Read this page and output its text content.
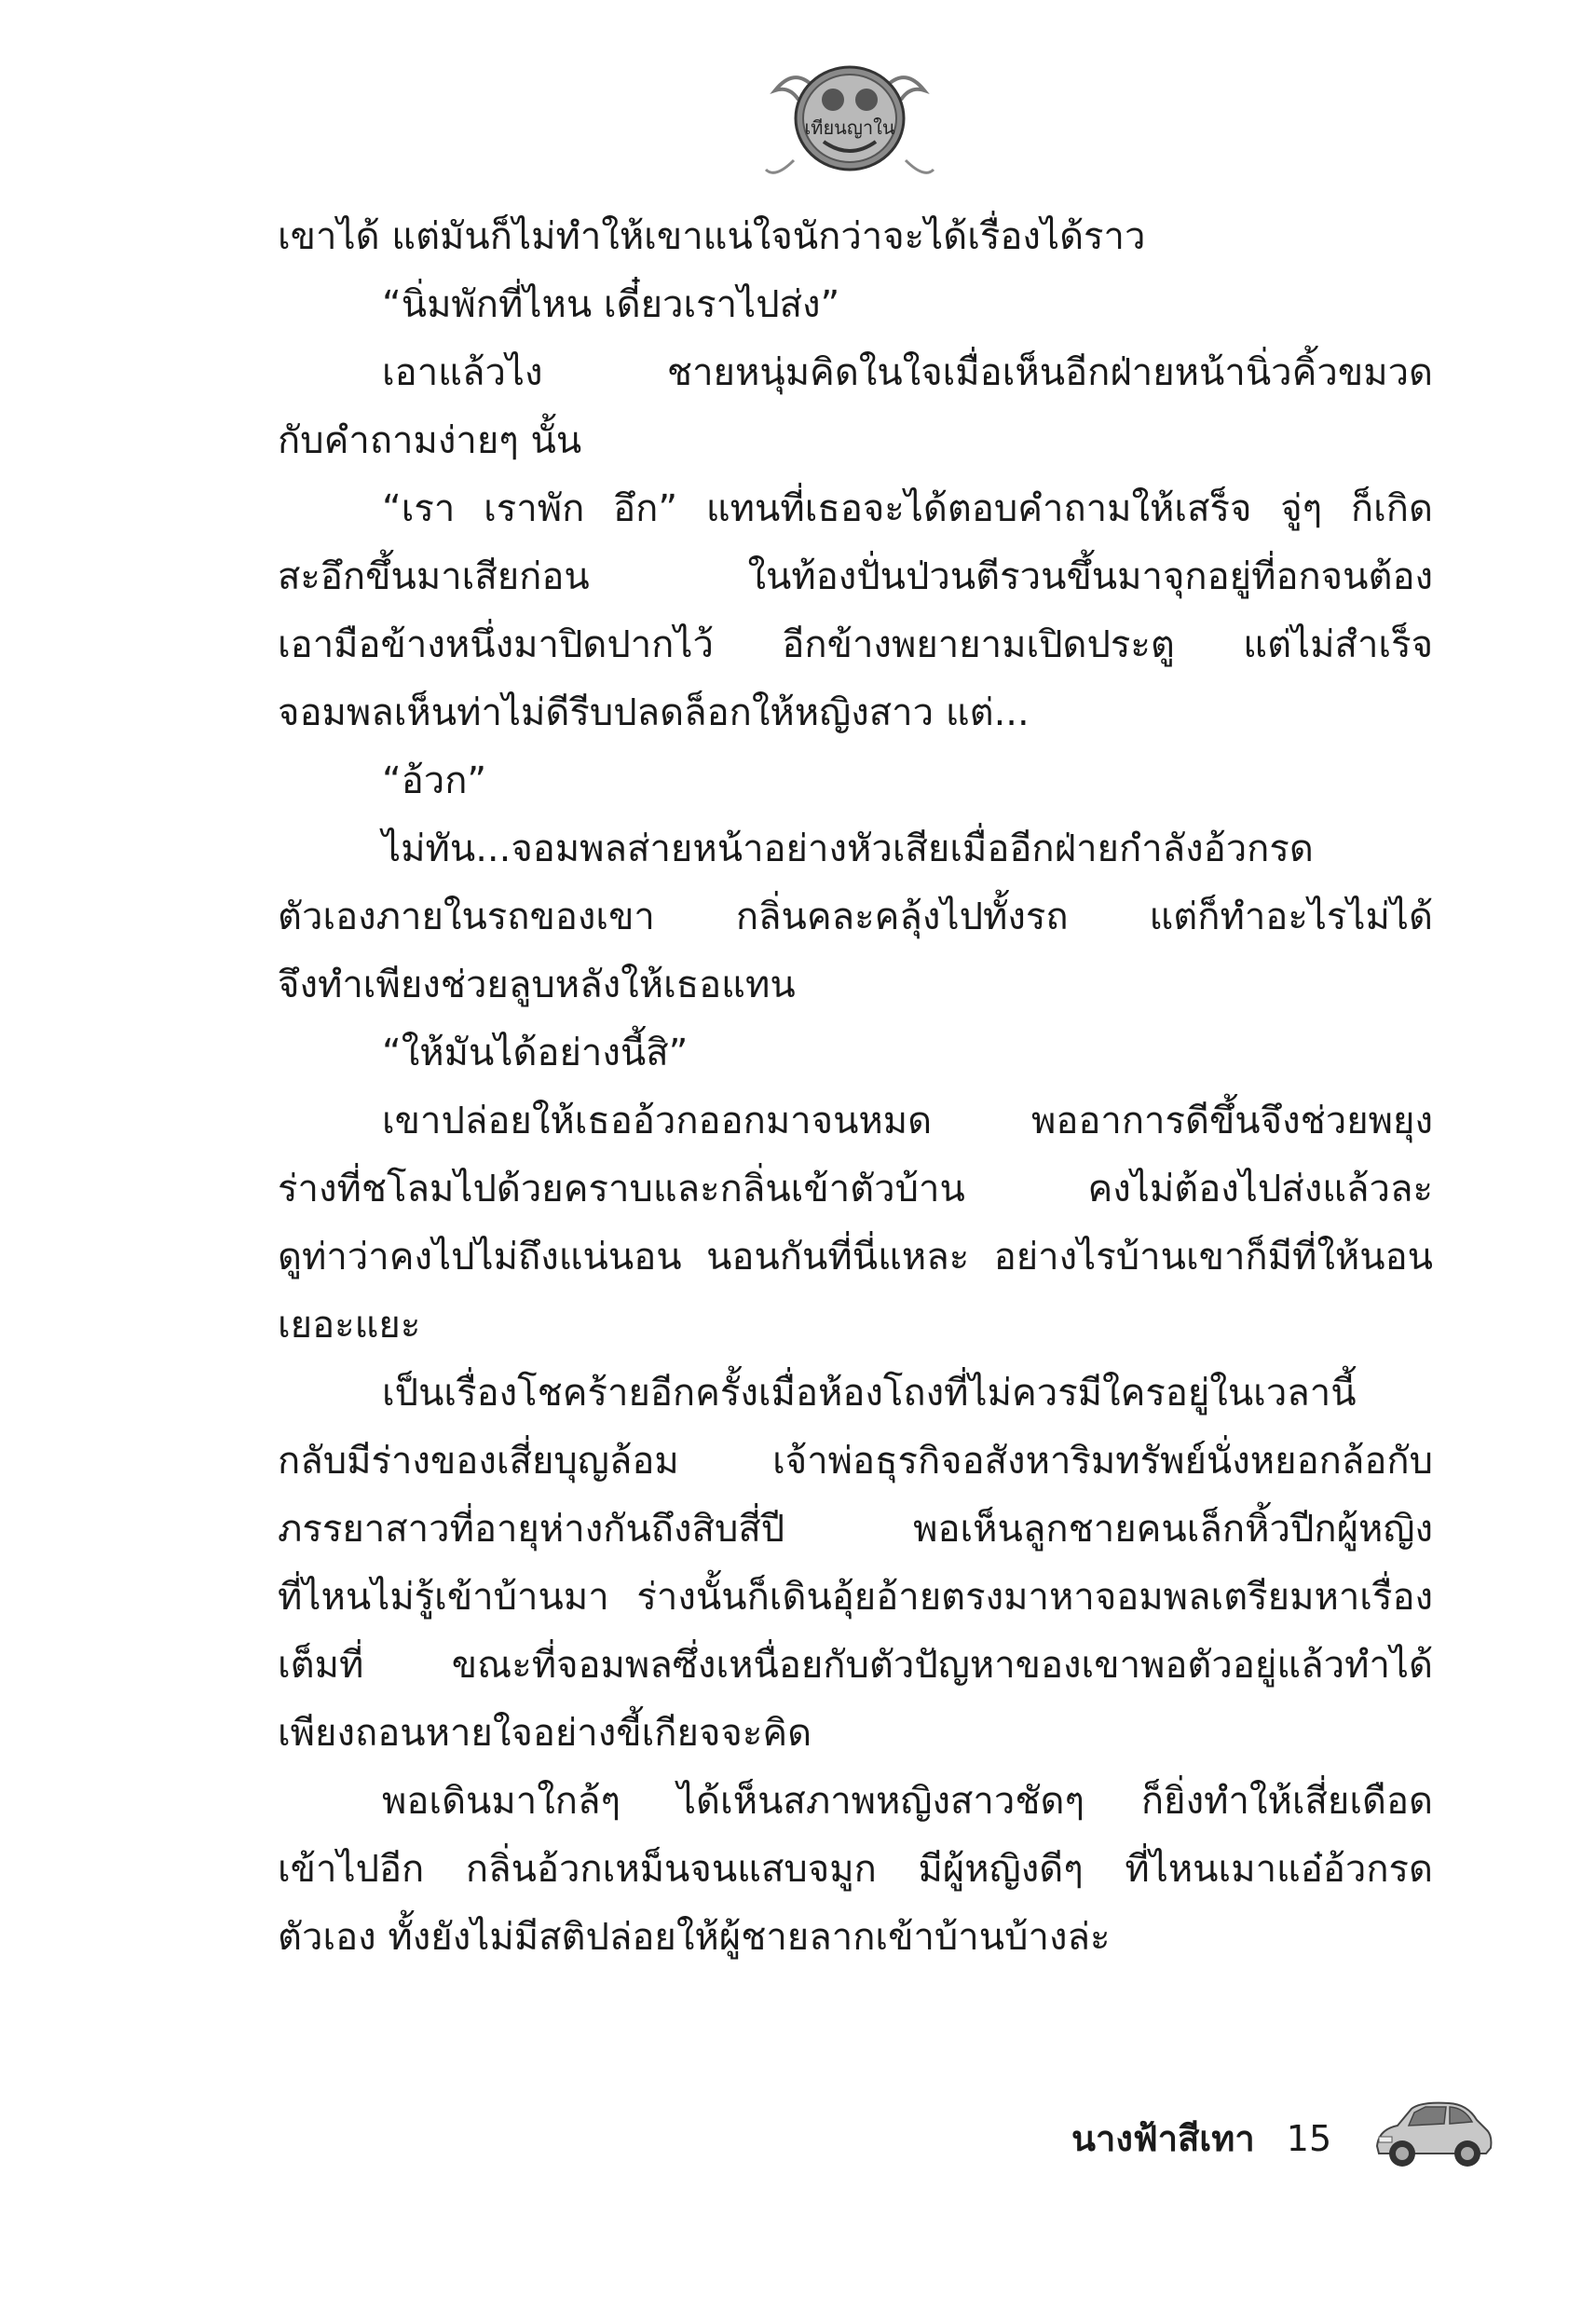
เทียนญาใน
เขาได้ แต่มันก็ไม่ทำให้เขาแน่ใจนักว่าจะได้เรื่องได้ราว
“นิ่มพักที่ไหน เดี๋ยวเราไปส่ง”
เอาแล้วไง ชายหนุ่มคิดในใจเมื่อเห็นอีกฝ่ายหน้านิ่วคิ้วขมวด
กับคำถามง่ายๆ นั้น
“เรา เราพัก อึก” แทนที่เธอจะได้ตอบคำถามให้เสร็จ จู่ๆ ก็เกิด
สะอึกขึ้นมาเสียก่อน ในท้องปั่นป่วนตีรวนขึ้นมาจุกอยู่ที่อกจนต้อง
เอามือข้างหนึ่งมาปิดปากไว้ อีกข้างพยายามเปิดประตู แต่ไม่สำเร็จ
จอมพลเห็นท่าไม่ดีรีบปลดล็อกให้หญิงสาว แต่...
“อ้วก”
ไม่ทัน...จอมพลส่ายหน้าอย่างหัวเสียเมื่ออีกฝ่ายกำลังอ้วกรด
ตัวเองภายในรถของเขา กลิ่นคละคลุ้งไปทั้งรถ แต่ก็ทำอะไรไม่ได้
จึงทำเพียงช่วยลูบหลังให้เธอแทน
“ให้มันได้อย่างนี้สิ”
เขาปล่อยให้เธออ้วกออกมาจนหมด พออาการดีขึ้นจึงช่วยพยุง
ร่างที่ชโลมไปด้วยคราบและกลิ่นเข้าตัวบ้าน คงไม่ต้องไปส่งแล้วละ
ดูท่าว่าคงไปไม่ถึงแน่นอน นอนกันที่นี่แหละ อย่างไรบ้านเขาก็มีที่ให้นอน
เยอะแยะ
เป็นเรื่องโชคร้ายอีกครั้งเมื่อห้องโถงที่ไม่ควรมีใครอยู่ในเวลานี้
กลับมีร่างของเสี่ยบุญล้อม เจ้าพ่อธุรกิจอสังหาริมทรัพย์นั่งหยอกล้อกับ
ภรรยาสาวที่อายุห่างกันถึงสิบสี่ปี พอเห็นลูกชายคนเล็กหิ้วปีกผู้หญิง
ที่ไหนไม่รู้เข้าบ้านมา ร่างนั้นก็เดินอุ้ยอ้ายตรงมาหาจอมพลเตรียมหาเรื่อง
เต็มที่ ขณะที่จอมพลซึ่งเหนื่อยกับตัวปัญหาของเขาพอตัวอยู่แล้วทำได้
เพียงถอนหายใจอย่างขี้เกียจจะคิด
พอเดินมาใกล้ๆ ได้เห็นสภาพหญิงสาวชัดๆ ก็ยิ่งทำให้เสี่ยเดือด
เข้าไปอีก กลิ่นอ้วกเหม็นจนแสบจมูก มีผู้หญิงดีๆ ที่ไหนเมาแอ๋อ้วกรด
ตัวเอง ทั้งยังไม่มีสติปล่อยให้ผู้ชายลากเข้าบ้านบ้างล่ะ
นางฟ้าสีเทา 15
